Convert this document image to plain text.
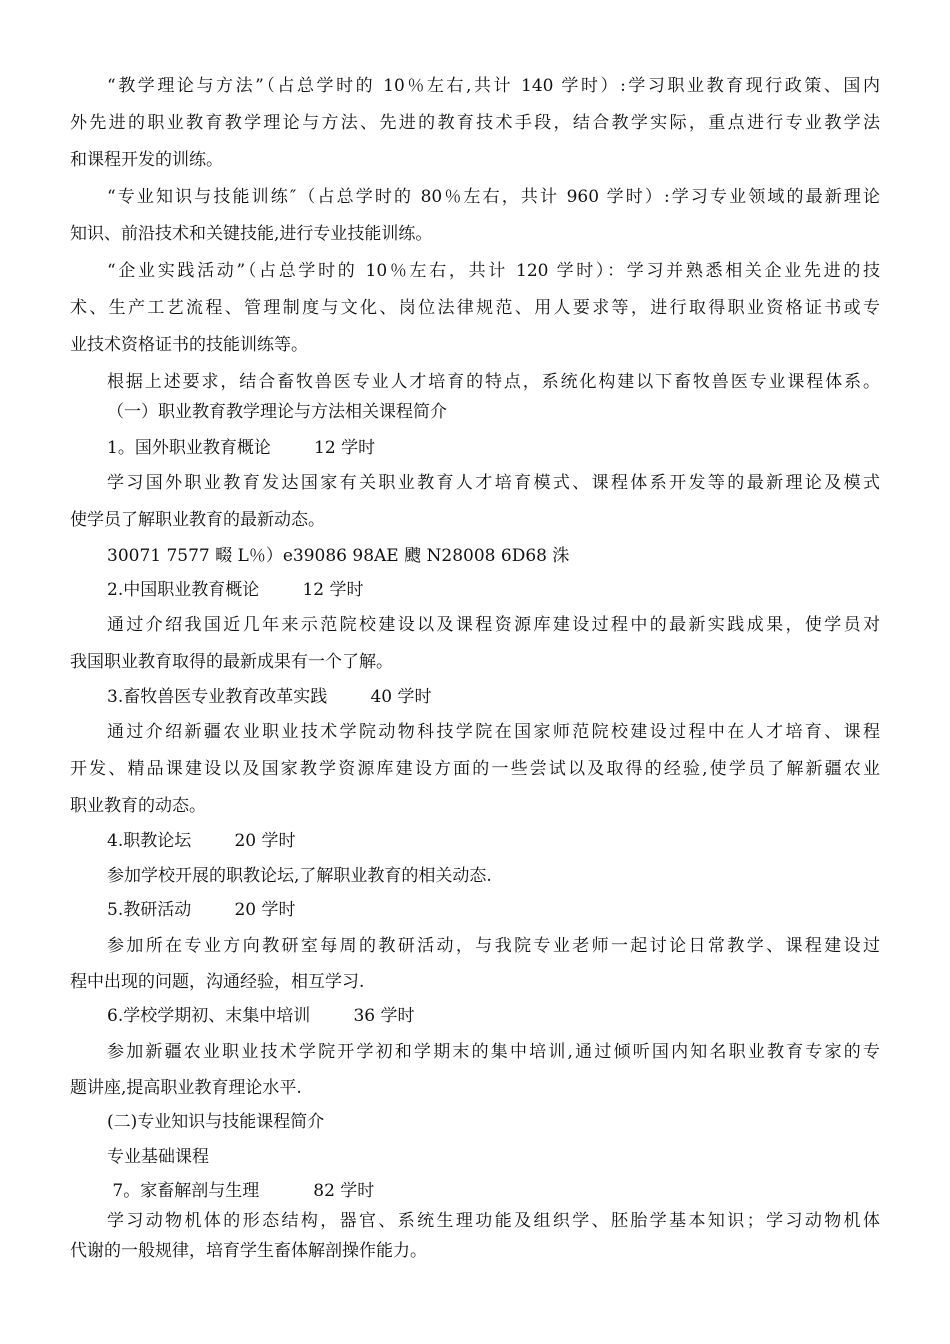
“教学理论与方法”（占总学时的 10％左右,共计 140 学时）:学习职业教育现行政策、国内
外先进的职业教育教学理论与方法、先进的教育技术手段，结合教学实际，重点进行专业教学法
和课程开发的训练。
“专业知识与技能训练″（占总学时的 80％左右，共计 960 学时）:学习专业领域的最新理论
知识、前沿技术和关键技能,进行专业技能训练。
“企业实践活动”（占总学时的 10％左右，共计 120 学时）：学习并熟悉相关企业先进的技
术、生产工艺流程、管理制度与文化、岗位法律规范、用人要求等，进行取得职业资格证书或专
业技术资格证书的技能训练等。
根据上述要求，结合畜牧兽医专业人才培育的特点，系统化构建以下畜牧兽医专业课程体系。
（一）职业教育教学理论与方法相关课程简介
1。国外职业教育概论        12 学时
学习国外职业教育发达国家有关职业教育人才培育模式、课程体系开发等的最新理论及模式
使学员了解职业教育的最新动态。
30071 7577 畷 L％）e39086 98AE 颼 N28008 6D68 洙
2.中国职业教育概论        12 学时
通过介绍我国近几年来示范院校建设以及课程资源库建设过程中的最新实践成果，使学员对
我国职业教育取得的最新成果有一个了解。
3.畜牧兽医专业教育改革实践        40 学时
通过介绍新疆农业职业技术学院动物科技学院在国家师范院校建设过程中在人才培育、课程
开发、精品课建设以及国家教学资源库建设方面的一些尝试以及取得的经验,使学员了解新疆农业
职业教育的动态。
4.职教论坛        20 学时
参加学校开展的职教论坛,了解职业教育的相关动态.
5.教研活动        20 学时
参加所在专业方向教研室每周的教研活动，与我院专业老师一起讨论日常教学、课程建设过
程中出现的问题，沟通经验，相互学习.
6.学校学期初、末集中培训        36 学时
参加新疆农业职业技术学院开学初和学期末的集中培训,通过倾听国内知名职业教育专家的专
题讲座,提高职业教育理论水平.
(二)专业知识与技能课程简介
专业基础课程
7。家畜解剖与生理          82 学时
学习动物机体的形态结构，器官、系统生理功能及组织学、胚胎学基本知识；学习动物机体
代谢的一般规律，培育学生畜体解剖操作能力。
